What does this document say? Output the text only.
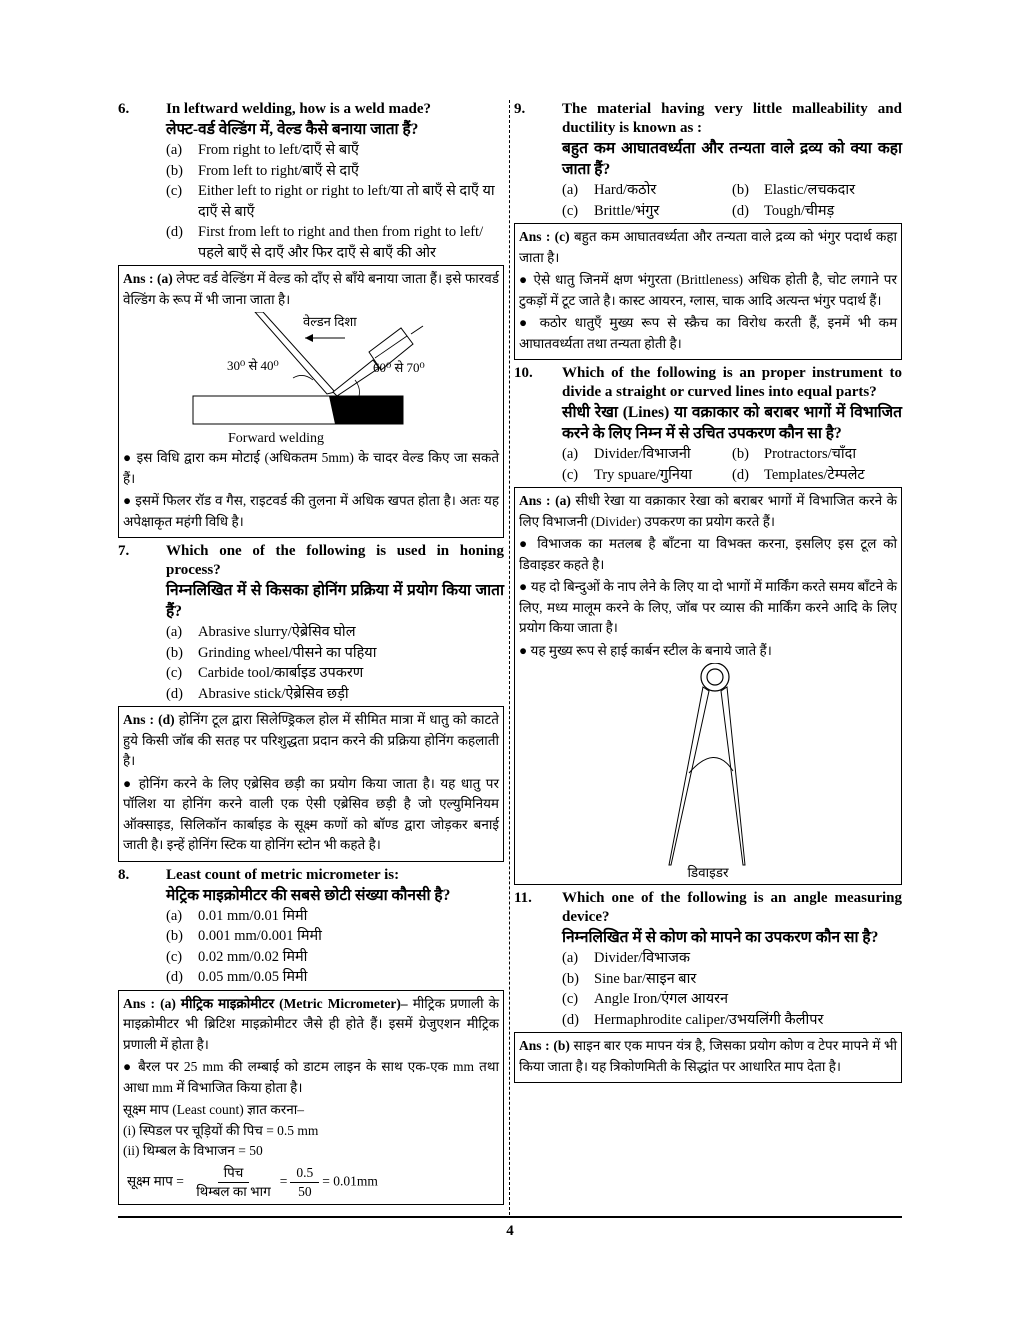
6.	In leftward welding, how is a weld made?
लेफ्ट-वर्ड वेल्डिंग में, वेल्ड कैसे बनाया जाता हैं?
(a)	From right to left/दाएँ से बाएँ
(b)	From left to right/बाएँ से दाएँ
(c)	Either left to right or right to left/या तो बाएँ से दाएँ या दाएँ से बाएँ
(d)	First from left to right and then from right to left/पहले बाएँ से दाएँ और फिर दाएँ से बाएँ की ओर

Ans : (a) लेफ्ट वर्ड वेल्डिंग में वेल्ड को दाँए से बाँये बनाया जाता हैं। इसे फारवर्ड वेल्डिंग के रूप में भी जाना जाता है।

वेल्डन दिशा
30⁰ से 40⁰	60⁰ से 70⁰
Forward welding

● इस विधि द्वारा कम मोटाई (अधिकतम 5mm) के चादर वेल्ड किए जा सकते हैं।

● इसमें फिलर रॉड व गैस, राइटवर्ड की तुलना में अधिक खपत होता है। अतः यह अपेक्षाकृत महंगी विधि है।

7.	Which one of the following is used in honing process?
निम्नलिखित में से किसका होनिंग प्रक्रिया में प्रयोग किया जाता हैं?
(a)	Abrasive slurry/ऐब्रेसिव घोल
(b)	Grinding wheel/पीसने का पहिया
(c)	Carbide tool/कार्बाइड उपकरण
(d)	Abrasive stick/ऐब्रेसिव छड़ी

Ans : (d) होनिंग टूल द्वारा सिलेण्ड्रिकल होल में सीमित मात्रा में धातु को काटते हुये किसी जॉब की सतह पर परिशुद्धता प्रदान करने की प्रक्रिया होनिंग कहलाती है।

● होनिंग करने के लिए एब्रेसिव छड़ी का प्रयोग किया जाता है। यह धातु पर पॉलिश या होनिंग करने वाली एक ऐसी एब्रेसिव छड़ी है जो एल्युमिनियम ऑक्साइड, सिलिकॉन कार्बाइड के सूक्ष्म कणों को बॉण्ड द्वारा जोड़कर बनाई जाती है। इन्हें होनिंग स्टिक या होनिंग स्टोन भी कहते है।

8.	Least count of metric micrometer is:
मेट्रिक माइक्रोमीटर की सबसे छोटी संख्या कौनसी है?
(a)	0.01 mm/0.01 मिमी
(b)	0.001 mm/0.001 मिमी
(c)	0.02 mm/0.02 मिमी
(d)	0.05 mm/0.05 मिमी

Ans : (a) मीट्रिक माइक्रोमीटर (Metric Micrometer)– मीट्रिक प्रणाली के माइक्रोमीटर भी ब्रिटिश माइक्रोमीटर जैसे ही होते हैं। इसमें ग्रेजुएशन मीट्रिक प्रणाली में होता है।

● बैरल पर 25 mm की लम्बाई को डाटम लाइन के साथ एक-एक mm तथा आधा mm में विभाजित किया होता है।

सूक्ष्म माप (Least count) ज्ञात करना–
(i) स्पिडल पर चूड़ियों की पिच = 0.5 mm
(ii) थिम्बल के विभाजन = 50
सूक्ष्म माप = $\frac{\text{पिच}}{\text{थिम्बल का भाग}} = \frac{0.5}{50} = 0.01mm$
9.	The material having very little malleability and ductility is known as :
बहुत कम आघातवर्ध्यता और तन्यता वाले द्रव्य को क्या कहा जाता हैं?
(a)	Hard/कठोर	(b)	Elastic/लचकदार
(c)	Brittle/भंगुर	(d)	Tough/चीमड़

Ans : (c) बहुत कम आघातवर्ध्यता और तन्यता वाले द्रव्य को भंगुर पदार्थ कहा जाता है।

● ऐसे धातु जिनमें क्षण भंगुरता (Brittleness) अधिक होती है, चोट लगाने पर टुकड़ों में टूट जाते है। कास्ट आयरन, ग्लास, चाक आदि अत्यन्त भंगुर पदार्थ हैं।

● कठोर धातुएँ मुख्य रूप से स्क्रैच का विरोध करती हैं, इनमें भी कम आघातवर्ध्यता तथा तन्यता होती है।

10.	Which of the following is an proper instrument to divide a straight or curved lines into equal parts?
सीधी रेखा (Lines) या वक्राकार को बराबर भागों में विभाजित करने के लिए निम्न में से उचित उपकरण कौन सा है?
(a)	Divider/विभाजनी	(b)	Protractors/चाँदा
(c)	Try spuare/गुनिया	(d)	Templates/टेम्पलेट

Ans : (a) सीधी रेखा या वक्राकार रेखा को बराबर भागों में विभाजित करने के लिए विभाजनी (Divider) उपकरण का प्रयोग करते हैं।

● विभाजक का मतलब है बाँटना या विभक्त करना, इसलिए इस टूल को डिवाइडर कहते है।

● यह दो बिन्दुओं के नाप लेने के लिए या दो भागों में मार्किंग करते समय बाँटने के लिए, मध्य मालूम करने के लिए, जॉब पर व्यास की मार्किंग करने आदि के लिए प्रयोग किया जाता है।

● यह मुख्य रूप से हाई कार्बन स्टील के बनाये जाते हैं।

डिवाइडर
11.	Which one of the following is an angle measuring device?
निम्नलिखित में से कोण को मापने का उपकरण कौन सा है?
(a)	Divider/विभाजक
(b)	Sine bar/साइन बार
(c)	Angle Iron/एंगल आयरन
(d)	Hermaphrodite caliper/उभयलिंगी कैलीपर

Ans : (b) साइन बार एक मापन यंत्र है, जिसका प्रयोग कोण व टेपर मापने में भी किया जाता है। यह त्रिकोणमिती के सिद्धांत पर आधारित माप देता है।

4
